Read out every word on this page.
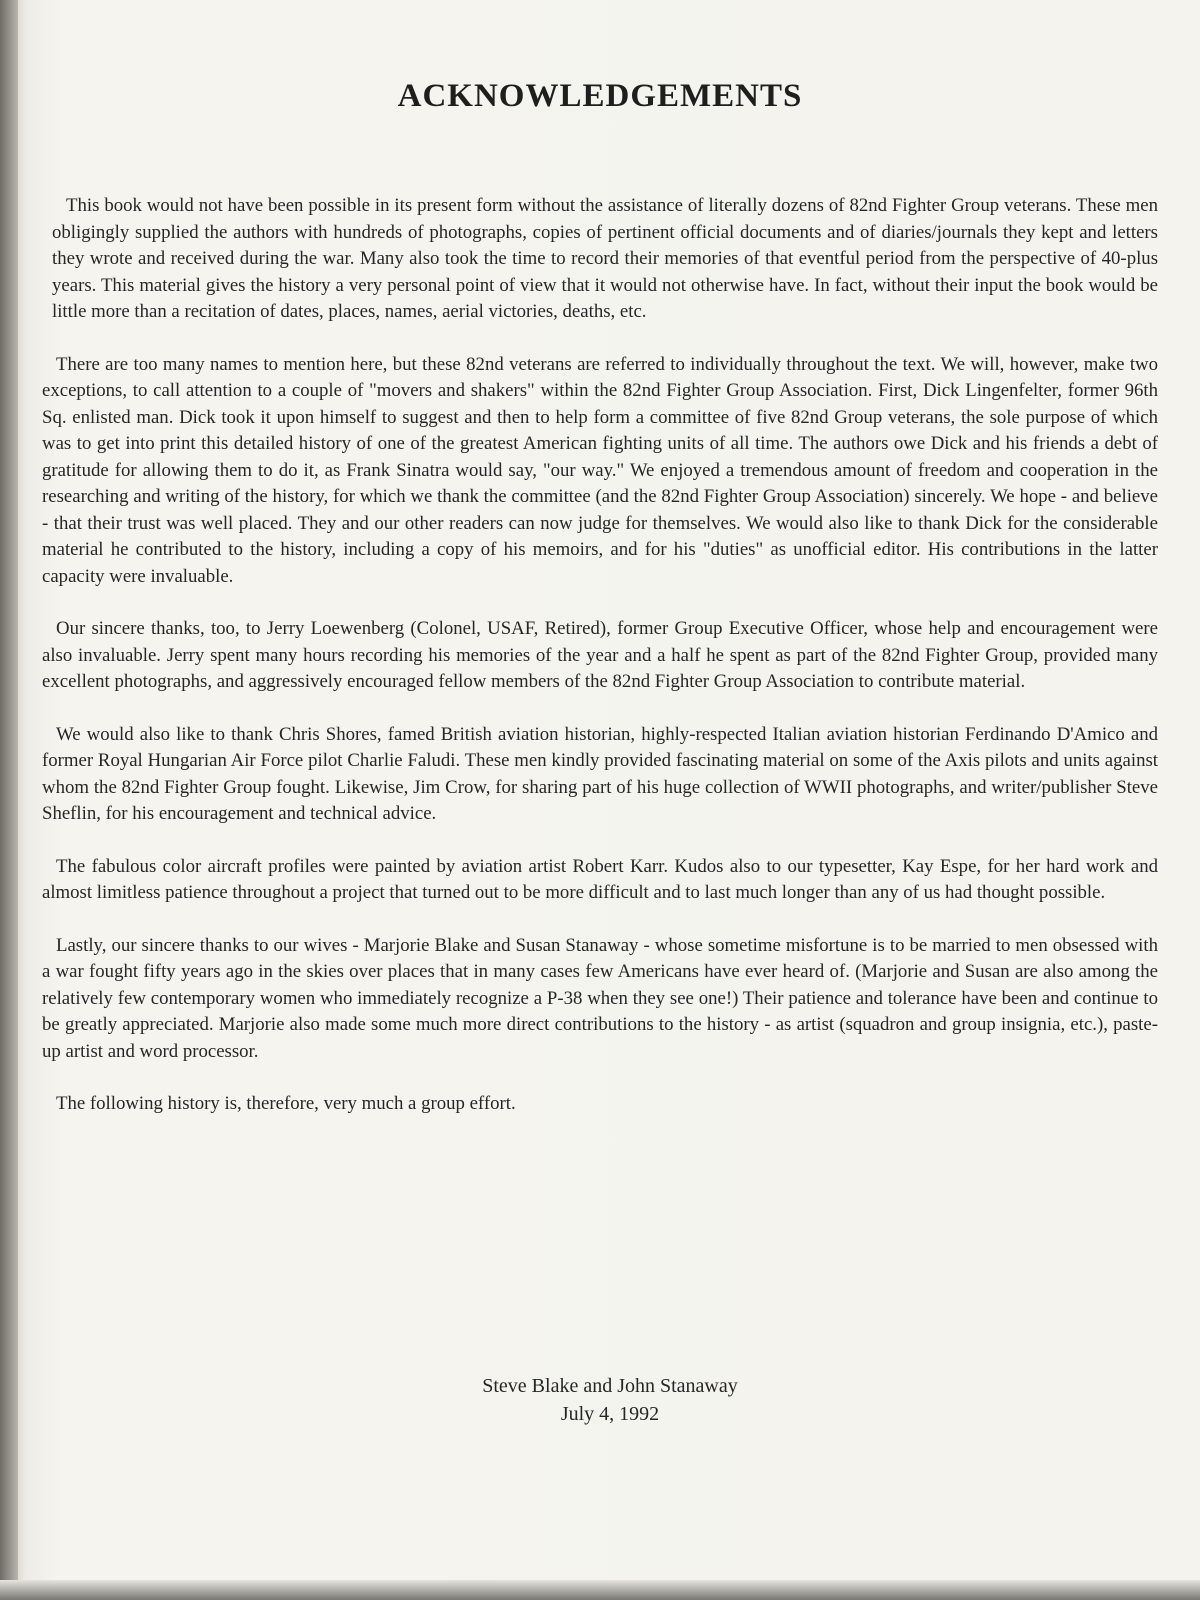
ACKNOWLEDGEMENTS

This book would not have been possible in its present form without the assistance of literally dozens of 82nd Fighter Group veterans. These men obligingly supplied the authors with hundreds of photographs, copies of pertinent official documents and of diaries/journals they kept and letters they wrote and received during the war. Many also took the time to record their memories of that eventful period from the perspective of 40-plus years. This material gives the history a very personal point of view that it would not otherwise have. In fact, without their input the book would be little more than a recitation of dates, places, names, aerial victories, deaths, etc.

There are too many names to mention here, but these 82nd veterans are referred to individually throughout the text. We will, however, make two exceptions, to call attention to a couple of "movers and shakers" within the 82nd Fighter Group Association. First, Dick Lingenfelter, former 96th Sq. enlisted man. Dick took it upon himself to suggest and then to help form a committee of five 82nd Group veterans, the sole purpose of which was to get into print this detailed history of one of the greatest American fighting units of all time. The authors owe Dick and his friends a debt of gratitude for allowing them to do it, as Frank Sinatra would say, "our way." We enjoyed a tremendous amount of freedom and cooperation in the researching and writing of the history, for which we thank the committee (and the 82nd Fighter Group Association) sincerely. We hope - and believe - that their trust was well placed. They and our other readers can now judge for themselves. We would also like to thank Dick for the considerable material he contributed to the history, including a copy of his memoirs, and for his "duties" as unofficial editor. His contributions in the latter capacity were invaluable.

Our sincere thanks, too, to Jerry Loewenberg (Colonel, USAF, Retired), former Group Executive Officer, whose help and encouragement were also invaluable. Jerry spent many hours recording his memories of the year and a half he spent as part of the 82nd Fighter Group, provided many excellent photographs, and aggressively encouraged fellow members of the 82nd Fighter Group Association to contribute material.

We would also like to thank Chris Shores, famed British aviation historian, highly-respected Italian aviation historian Ferdinando D'Amico and former Royal Hungarian Air Force pilot Charlie Faludi. These men kindly provided fascinating material on some of the Axis pilots and units against whom the 82nd Fighter Group fought. Likewise, Jim Crow, for sharing part of his huge collection of WWII photographs, and writer/publisher Steve Sheflin, for his encouragement and technical advice.

The fabulous color aircraft profiles were painted by aviation artist Robert Karr. Kudos also to our typesetter, Kay Espe, for her hard work and almost limitless patience throughout a project that turned out to be more difficult and to last much longer than any of us had thought possible.

Lastly, our sincere thanks to our wives - Marjorie Blake and Susan Stanaway - whose sometime misfortune is to be married to men obsessed with a war fought fifty years ago in the skies over places that in many cases few Americans have ever heard of. (Marjorie and Susan are also among the relatively few contemporary women who immediately recognize a P-38 when they see one!) Their patience and tolerance have been and continue to be greatly appreciated. Marjorie also made some much more direct contributions to the history - as artist (squadron and group insignia, etc.), paste-up artist and word processor.

The following history is, therefore, very much a group effort.

Steve Blake and John Stanaway
July 4, 1992
